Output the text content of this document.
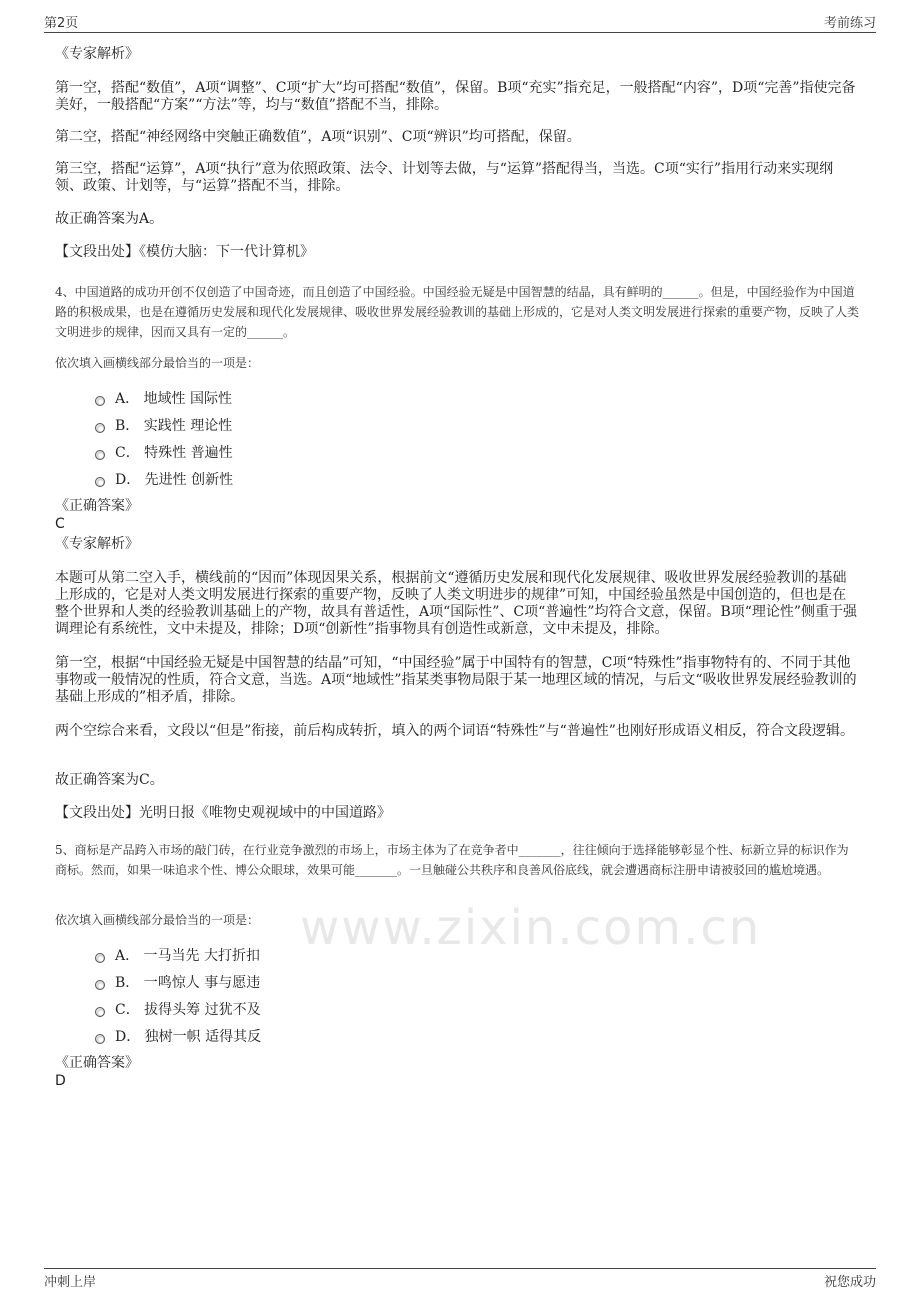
第2页	考前练习
www.zixin.com.cn

《专家解析》

第一空，搭配“数值”，A项“调整”、C项“扩大”均可搭配“数值”，保留。B项“充实”指充足，一般搭配“内容”，D项“完善”指使完备美好，一般搭配“方案”“方法”等，均与“数值”搭配不当，排除。

第二空，搭配“神经网络中突触正确数值”，A项“识别”、C项“辨识”均可搭配，保留。

第三空，搭配“运算”，A项“执行”意为依照政策、法令、计划等去做，与“运算”搭配得当，当选。C项“实行”指用行动来实现纲领、政策、计划等，与“运算”搭配不当，排除。

故正确答案为A。

【文段出处】《模仿大脑：下一代计算机》

4、中国道路的成功开创不仅创造了中国奇迹，而且创造了中国经验。中国经验无疑是中国智慧的结晶，具有鲜明的______。但是，中国经验作为中国道路的积极成果，也是在遵循历史发展和现代化发展规律、吸收世界发展经验教训的基础上形成的，它是对人类文明发展进行探索的重要产物，反映了人类文明进步的规律，因而又具有一定的______。

依次填入画横线部分最恰当的一项是：

A． 地域性 国际性
B． 实践性 理论性
C． 特殊性 普遍性
D． 先进性 创新性

《正确答案》

C

《专家解析》

本题可从第二空入手，横线前的“因而”体现因果关系，根据前文“遵循历史发展和现代化发展规律、吸收世界发展经验教训的基础上形成的，它是对人类文明发展进行探索的重要产物，反映了人类文明进步的规律”可知，中国经验虽然是中国创造的，但也是在整个世界和人类的经验教训基础上的产物，故具有普适性，A项“国际性”、C项“普遍性”均符合文意，保留。B项“理论性”侧重于强调理论有系统性，文中未提及，排除；D项“创新性”指事物具有创造性或新意，文中未提及，排除。

第一空，根据“中国经验无疑是中国智慧的结晶”可知，“中国经验”属于中国特有的智慧，C项“特殊性”指事物特有的、不同于其他事物或一般情况的性质，符合文意，当选。A项“地域性”指某类事物局限于某一地理区域的情况，与后文“吸收世界发展经验教训的基础上形成的”相矛盾，排除。

两个空综合来看，文段以“但是”衔接，前后构成转折，填入的两个词语“特殊性”与“普遍性”也刚好形成语义相反，符合文段逻辑。

故正确答案为C。

【文段出处】光明日报《唯物史观视域中的中国道路》

5、商标是产品跨入市场的敲门砖，在行业竞争激烈的市场上，市场主体为了在竞争者中_______，往往倾向于选择能够彰显个性、标新立异的标识作为商标。然而，如果一味追求个性、博公众眼球，效果可能_______。一旦触碰公共秩序和良善风俗底线，就会遭遇商标注册申请被驳回的尴尬境遇。

依次填入画横线部分最恰当的一项是：

A． 一马当先 大打折扣
B． 一鸣惊人 事与愿违
C． 拔得头筹 过犹不及
D． 独树一帜 适得其反

《正确答案》

D

冲刺上岸	祝您成功
